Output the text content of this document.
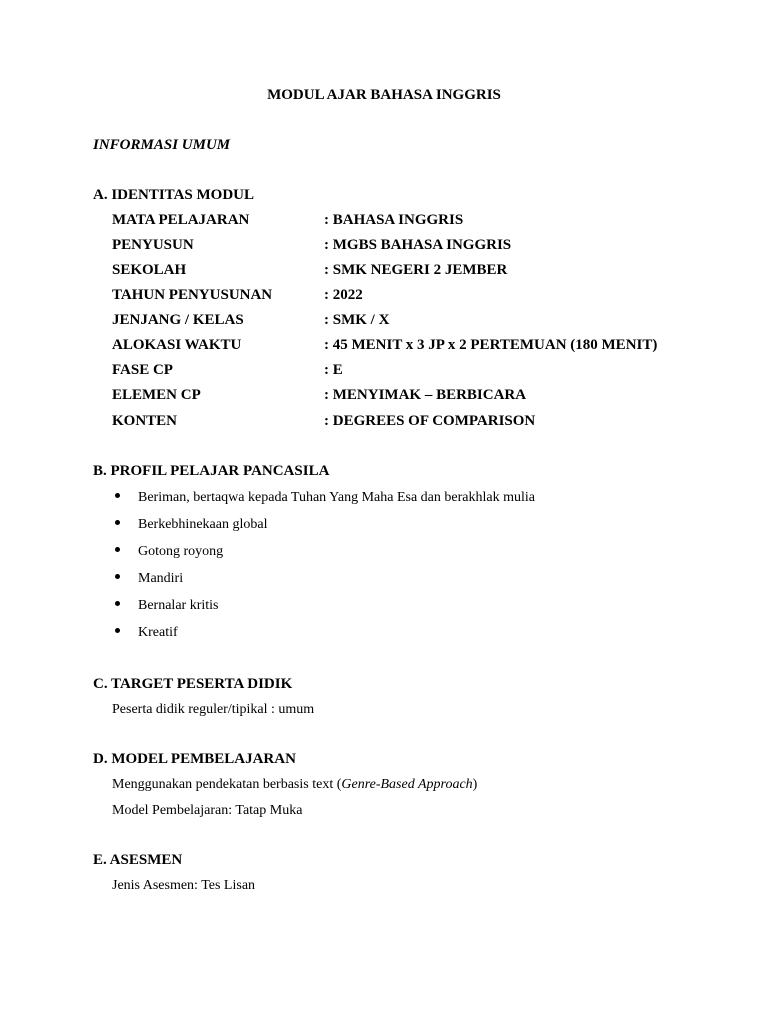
MODUL AJAR BAHASA INGGRIS
INFORMASI UMUM
A. IDENTITAS MODUL
MATA PELAJARAN	: BAHASA INGGRIS
PENYUSUN	: MGBS BAHASA INGGRIS
SEKOLAH	: SMK NEGERI 2 JEMBER
TAHUN PENYUSUNAN	: 2022
JENJANG / KELAS	: SMK / X
ALOKASI WAKTU	: 45 MENIT x 3 JP x 2 PERTEMUAN (180 MENIT)
FASE CP	: E
ELEMEN CP	: MENYIMAK – BERBICARA
KONTEN	: DEGREES OF COMPARISON
B. PROFIL PELAJAR PANCASILA
Beriman, bertaqwa kepada Tuhan Yang Maha Esa dan berakhlak mulia
Berkebhinekaan global
Gotong royong
Mandiri
Bernalar kritis
Kreatif
C. TARGET PESERTA DIDIK
Peserta didik reguler/tipikal : umum
D. MODEL PEMBELAJARAN
Menggunakan pendekatan berbasis text (Genre-Based Approach)
Model Pembelajaran: Tatap Muka
E. ASESMEN
Jenis Asesmen: Tes Lisan
